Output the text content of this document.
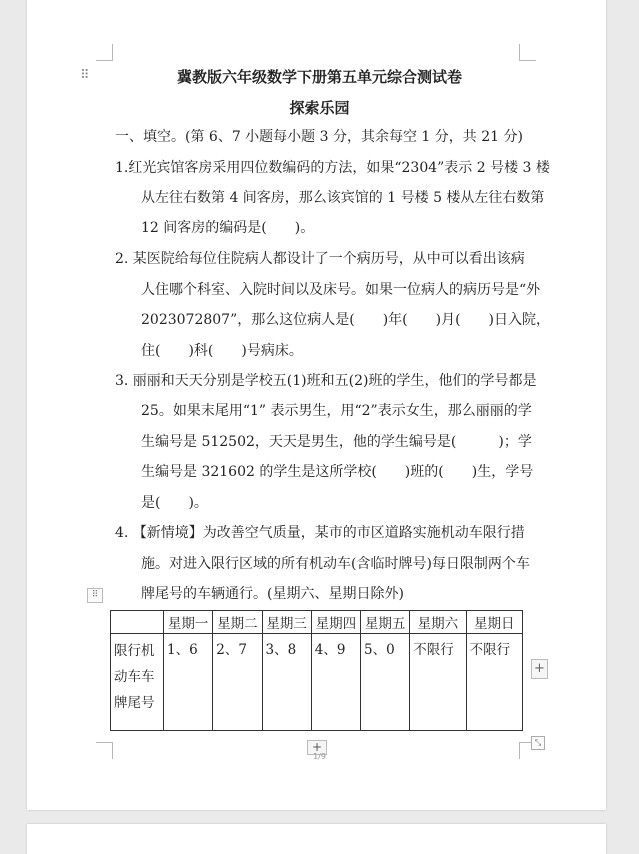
⠿	冀教版六年级数学下册第五单元综合测试卷
探索乐园
一、填空。(第 6、7 小题每小题 3 分，其余每空 1 分，共 21 分)
1.红光宾馆客房采用四位数编码的方法，如果“2304”表示 2 号楼 3 楼
从左往右数第 4 间客房，那么该宾馆的 1 号楼 5 楼从左往右数第
12 间客房的编码是(　　)。
2. 某医院给每位住院病人都设计了一个病历号，从中可以看出该病
人住哪个科室、入院时间以及床号。如果一位病人的病历号是“外
2023072807”，那么这位病人是(　　)年(　　)月(　　)日入院，
住(　　)科(　　)号病床。
3. 丽丽和天天分别是学校五(1)班和五(2)班的学生，他们的学号都是
25。如果末尾用“1” 表示男生，用“2”表示女生，那么丽丽的学
生编号是 512502，天天是男生，他的学生编号是(　　　)；学
生编号是 321602 的学生是这所学校(　　)班的(　　)生，学号
是(　　)。
4. 【新情境】为改善空气质量，某市的市区道路实施机动车限行措
施。对进入限行区域的所有机动车(含临时牌号)每日限制两个车
牌尾号的车辆通行。(星期六、星期日除外)
⠿
	星期一	星期二	星期三	星期四	星期五	星期六	星期日

限行机
动车车
牌尾号	1、6	2、7	3、8	4、9	5、0	不限行	不限行
+
+	⤡
1/9
